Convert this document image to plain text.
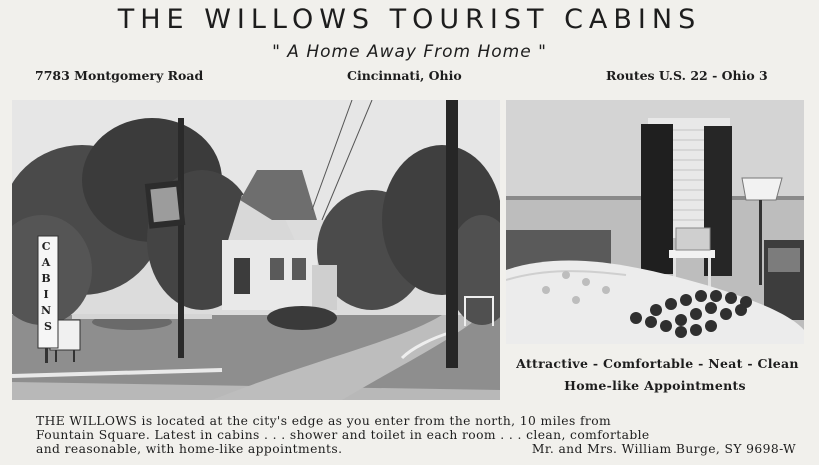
THE WILLOWS TOURIST CABINS
" A Home Away From Home "
7783 Montgomery Road	Cincinnati, Ohio	Routes U.S. 22 - Ohio 3
C A B I N S
Attractive - Comfortable - Neat - Clean
Home-like Appointments
THE WILLOWS is located at the city's edge as you enter from the north, 10 miles from
Fountain Square. Latest in cabins . . . shower and toilet in each room . . . clean, comfortable
and reasonable, with home-like appointments.	Mr. and Mrs. William Burge, SY 9698-W
